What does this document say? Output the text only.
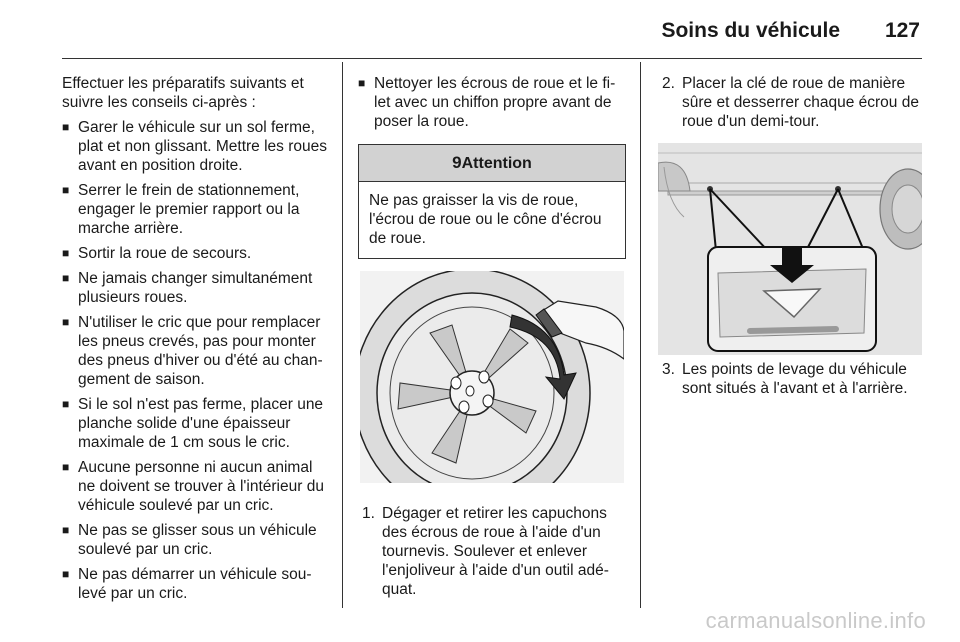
Soins du véhicule 127

Effectuer les préparatifs suivants et suivre les conseils ci-après :

■ Garer le véhicule sur un sol ferme, plat et non glissant. Mettre les roues avant en position droite.
■ Serrer le frein de stationnement, engager le premier rapport ou la marche arrière.
■ Sortir la roue de secours.
■ Ne jamais changer simultanément plusieurs roues.
■ N'utiliser le cric que pour remplacer les pneus crevés, pas pour monter des pneus d'hiver ou d'été au chan-gement de saison.
■ Si le sol n'est pas ferme, placer une planche solide d'une épaisseur maximale de 1 cm sous le cric.
■ Aucune personne ni aucun animal ne doivent se trouver à l'intérieur du véhicule soulevé par un cric.
■ Ne pas se glisser sous un véhicule soulevé par un cric.
■ Ne pas démarrer un véhicule sou-levé par un cric.
■ Nettoyer les écrous de roue et le fi-let avec un chiffon propre avant de poser la roue.
9Attention
Ne pas graisser la vis de roue, l'écrou de roue ou le cône d'écrou de roue.
1. Dégager et retirer les capuchons des écrous de roue à l'aide d'un tournevis. Soulever et enlever l'enjoliveur à l'aide d'un outil adé-quat.
2. Placer la clé de roue de manière sûre et desserrer chaque écrou de roue d'un demi-tour.
3. Les points de levage du véhicule sont situés à l'avant et à l'arrière.
carmanualsonline.info
